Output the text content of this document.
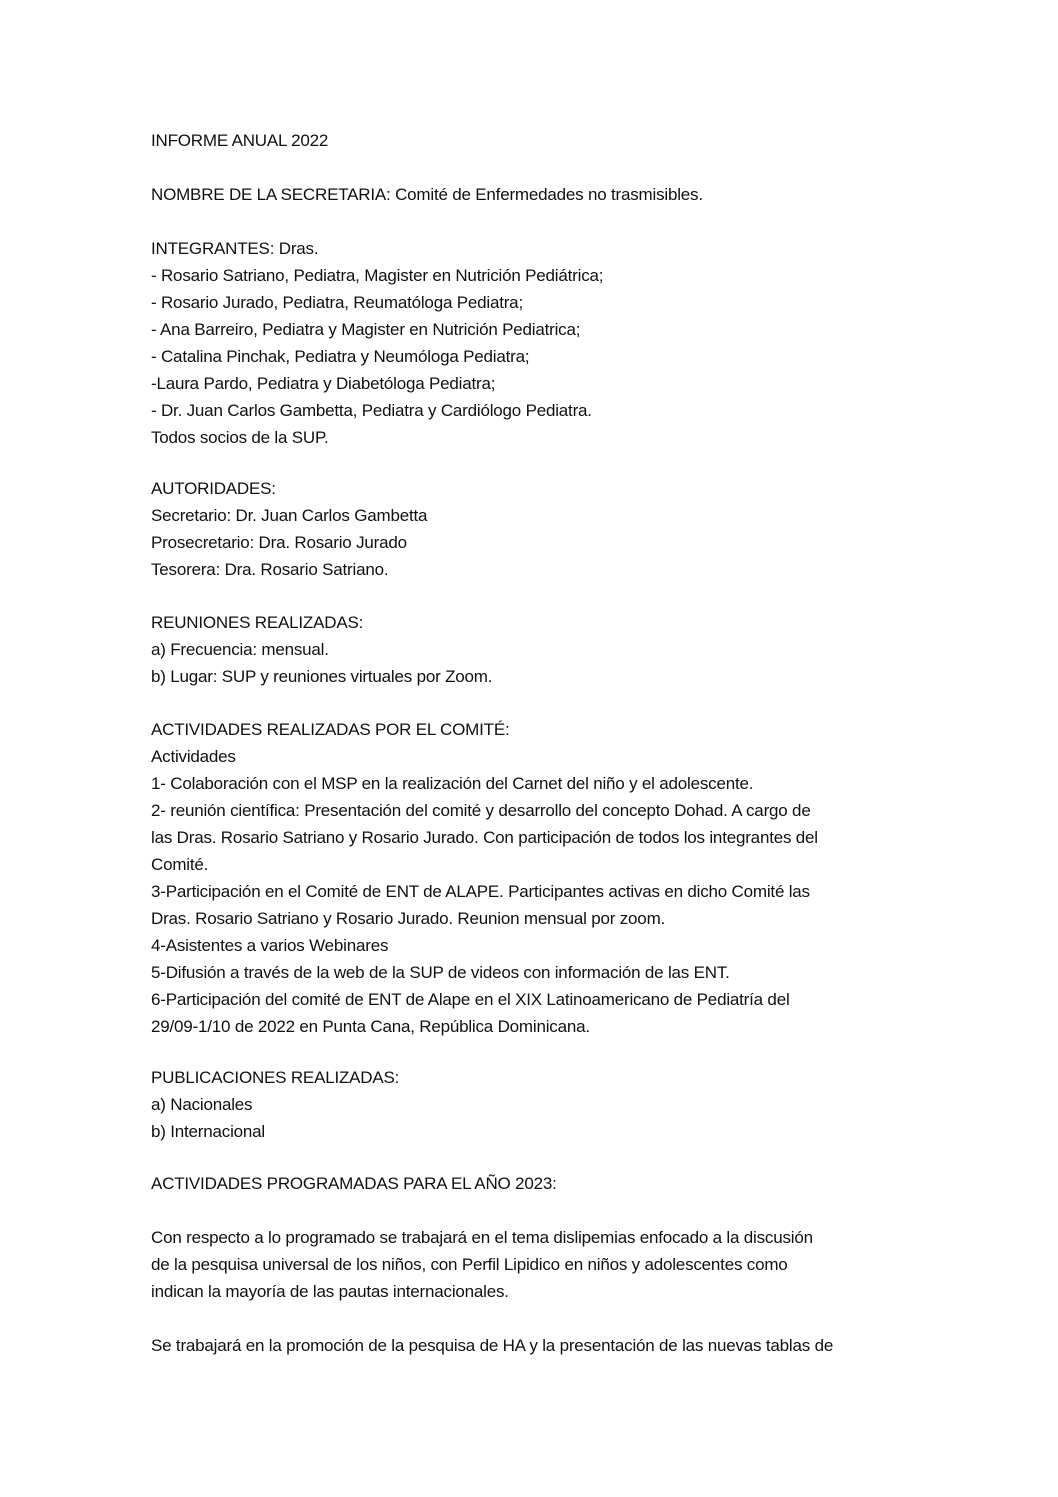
INFORME ANUAL 2022
NOMBRE DE LA SECRETARIA: Comité de Enfermedades no trasmisibles.
INTEGRANTES: Dras.
- Rosario Satriano, Pediatra, Magister en Nutrición Pediátrica;
- Rosario Jurado, Pediatra, Reumatóloga Pediatra;
- Ana Barreiro, Pediatra y Magister en Nutrición Pediatrica;
- Catalina Pinchak, Pediatra y Neumóloga Pediatra;
-Laura Pardo, Pediatra y Diabetóloga Pediatra;
- Dr. Juan Carlos Gambetta, Pediatra y Cardiólogo Pediatra.
Todos socios de la SUP.
AUTORIDADES:
Secretario: Dr. Juan Carlos Gambetta
Prosecretario: Dra. Rosario Jurado
Tesorera: Dra. Rosario Satriano.
REUNIONES REALIZADAS:
a) Frecuencia: mensual.
b) Lugar: SUP y reuniones virtuales por Zoom.
ACTIVIDADES REALIZADAS POR EL COMITÉ:
Actividades
1- Colaboración con el MSP en la realización del Carnet del niño y el adolescente.
2- reunión científica: Presentación del comité y desarrollo del concepto Dohad. A cargo de
las Dras. Rosario Satriano y Rosario Jurado. Con participación de todos los integrantes del
Comité.
3-Participación en el Comité de ENT de ALAPE. Participantes activas en dicho Comité las
Dras. Rosario Satriano y Rosario Jurado. Reunion mensual por zoom.
4-Asistentes a varios Webinares
5-Difusión a través de la web de la SUP de videos con información de las ENT.
6-Participación del comité de ENT de Alape en el XIX Latinoamericano de Pediatría del
29/09-1/10 de 2022 en Punta Cana, República Dominicana.
PUBLICACIONES REALIZADAS:
a) Nacionales
b) Internacional
ACTIVIDADES PROGRAMADAS PARA EL AÑO 2023:
Con respecto a lo programado se trabajará en el tema dislipemias enfocado a la discusión
de la pesquisa universal de los niños, con Perfil Lipidico en niños y adolescentes como
indican la mayoría de las pautas internacionales.
Se trabajará en la promoción de la pesquisa de HA y la presentación de las nuevas tablas de
